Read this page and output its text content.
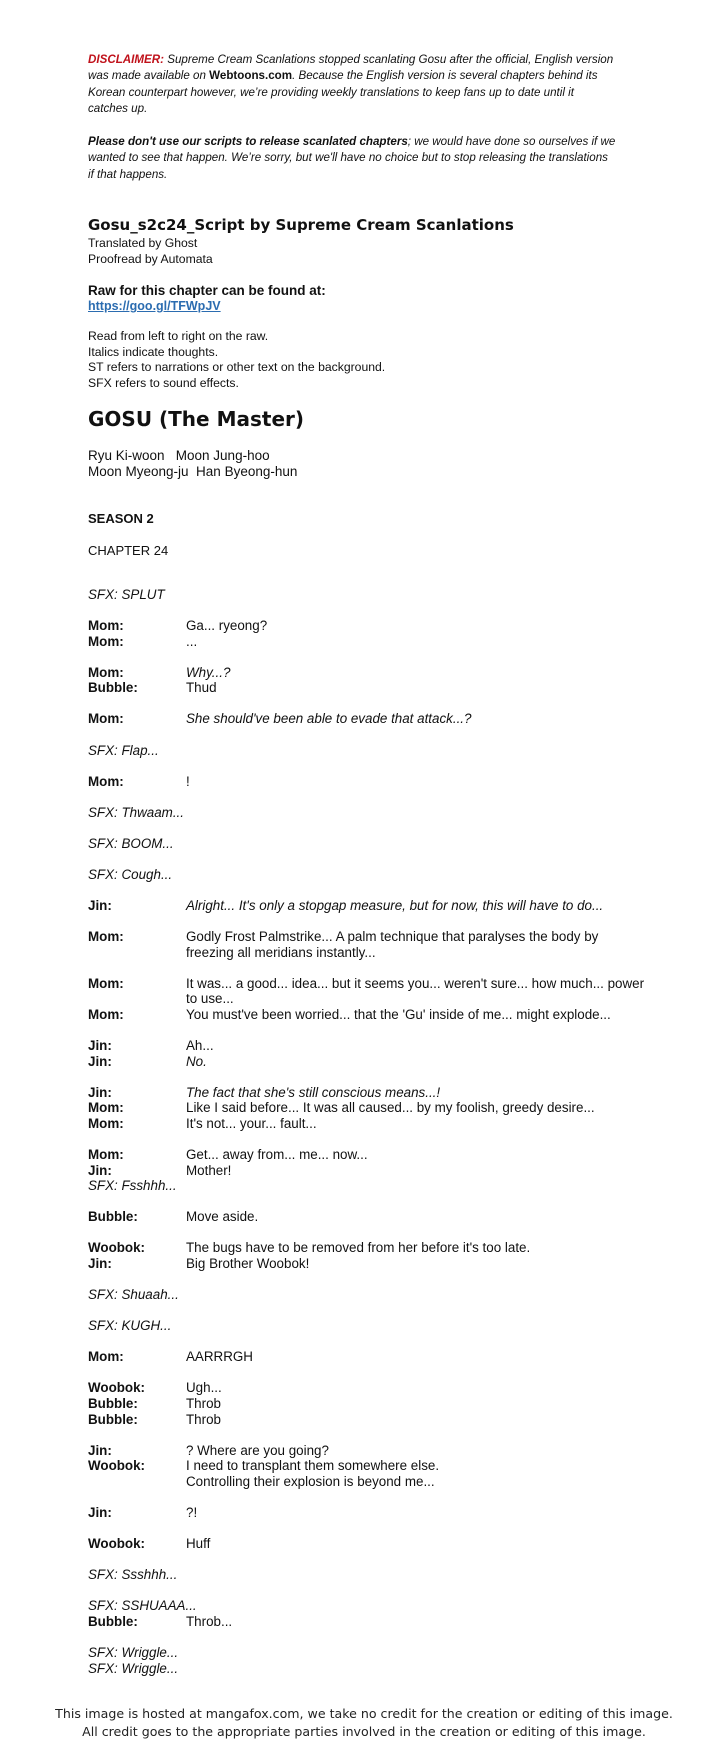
DISCLAIMER: Supreme Cream Scanlations stopped scanlating Gosu after the official, English version
was made available on Webtoons.com. Because the English version is several chapters behind its
Korean counterpart however, we’re providing weekly translations to keep fans up to date until it
catches up.
Please don't use our scripts to release scanlated chapters; we would have done so ourselves if we
wanted to see that happen. We’re sorry, but we'll have no choice but to stop releasing the translations
if that happens.
Gosu_s2c24_Script by Supreme Cream Scanlations
Translated by Ghost
Proofread by Automata
Raw for this chapter can be found at:
https://goo.gl/TFWpJV
Read from left to right on the raw.
Italics indicate thoughts.
ST refers to narrations or other text on the background.
SFX refers to sound effects.
GOSU (The Master)
Ryu Ki-woon   Moon Jung-hoo
Moon Myeong-ju  Han Byeong-hun
SEASON 2
CHAPTER 24
SFX: SPLUT
Mom:	Ga... ryeong?
Mom:	...
Mom:	Why...?
Bubble:	Thud
Mom:	She should've been able to evade that attack...?
SFX: Flap...
Mom:	!
SFX: Thwaam...
SFX: BOOM...
SFX: Cough...
Jin:	Alright... It's only a stopgap measure, but for now, this will have to do...
Mom:	Godly Frost Palmstrike... A palm technique that paralyses the body by
freezing all meridians instantly...
Mom:	It was... a good... idea... but it seems you... weren't sure... how much... power
to use...
Mom:	You must've been worried... that the 'Gu' inside of me... might explode...
Jin:	Ah...
Jin:	No.
Jin:	The fact that she's still conscious means...!
Mom:	Like I said before... It was all caused... by my foolish, greedy desire...
Mom:	It's not... your... fault...
Mom:	Get... away from... me... now...
Jin:	Mother!
SFX: Fsshhh...
Bubble:	Move aside.
Woobok:	The bugs have to be removed from her before it's too late.
Jin:	Big Brother Woobok!
SFX: Shuaah...
SFX: KUGH...
Mom:	AARRRGH
Woobok:	Ugh...
Bubble:	Throb
Bubble:	Throb
Jin:	? Where are you going?
Woobok:	I need to transplant them somewhere else.
Controlling their explosion is beyond me...
Jin:	?!
Woobok:	Huff
SFX: Ssshhh...
SFX: SSHUAAA...
Bubble:	Throb...
SFX: Wriggle...
SFX: Wriggle...
This image is hosted at mangafox.com, we take no credit for the creation or editing of this image.
All credit goes to the appropriate parties involved in the creation or editing of this image.
